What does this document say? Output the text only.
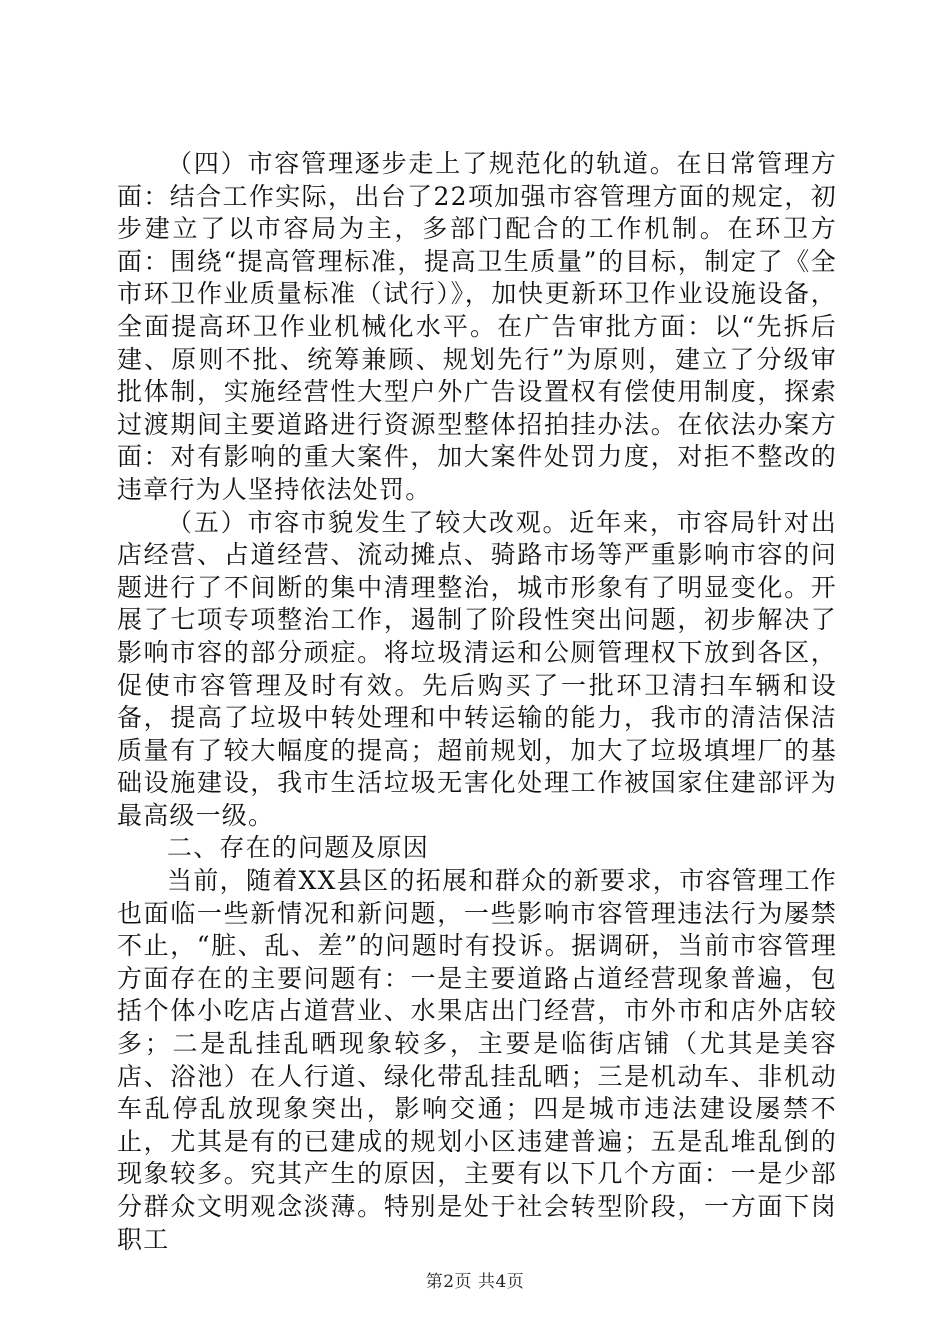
（四）市容管理逐步走上了规范化的轨道。在日常管理方面：结合工作实际，出台了22项加强市容管理方面的规定，初步建立了以市容局为主，多部门配合的工作机制。在环卫方面：围绕“提高管理标准，提高卫生质量”的目标，制定了《全市环卫作业质量标准（试行）》，加快更新环卫作业设施设备，全面提高环卫作业机械化水平。在广告审批方面：以“先拆后建、原则不批、统筹兼顾、规划先行”为原则，建立了分级审批体制，实施经营性大型户外广告设置权有偿使用制度，探索过渡期间主要道路进行资源型整体招拍挂办法。在依法办案方面：对有影响的重大案件，加大案件处罚力度，对拒不整改的违章行为人坚持依法处罚。

（五）市容市貌发生了较大改观。近年来，市容局针对出店经营、占道经营、流动摊点、骑路市场等严重影响市容的问题进行了不间断的集中清理整治，城市形象有了明显变化。开展了七项专项整治工作，遏制了阶段性突出问题，初步解决了影响市容的部分顽症。将垃圾清运和公厕管理权下放到各区，促使市容管理及时有效。先后购买了一批环卫清扫车辆和设备，提高了垃圾中转处理和中转运输的能力，我市的清洁保洁质量有了较大幅度的提高；超前规划，加大了垃圾填埋厂的基础设施建设，我市生活垃圾无害化处理工作被国家住建部评为最高级一级。

二、存在的问题及原因

当前，随着XX县区的拓展和群众的新要求，市容管理工作也面临一些新情况和新问题，一些影响市容管理违法行为屡禁不止，“脏、乱、差”的问题时有投诉。据调研，当前市容管理方面存在的主要问题有：一是主要道路占道经营现象普遍，包括个体小吃店占道营业、水果店出门经营，市外市和店外店较多；二是乱挂乱晒现象较多，主要是临街店铺（尤其是美容店、浴池）在人行道、绿化带乱挂乱晒；三是机动车、非机动车乱停乱放现象突出，影响交通；四是城市违法建设屡禁不止，尤其是有的已建成的规划小区违建普遍；五是乱堆乱倒的现象较多。究其产生的原因，主要有以下几个方面：一是少部分群众文明观念淡薄。特别是处于社会转型阶段，一方面下岗职工

第2页 共4页
